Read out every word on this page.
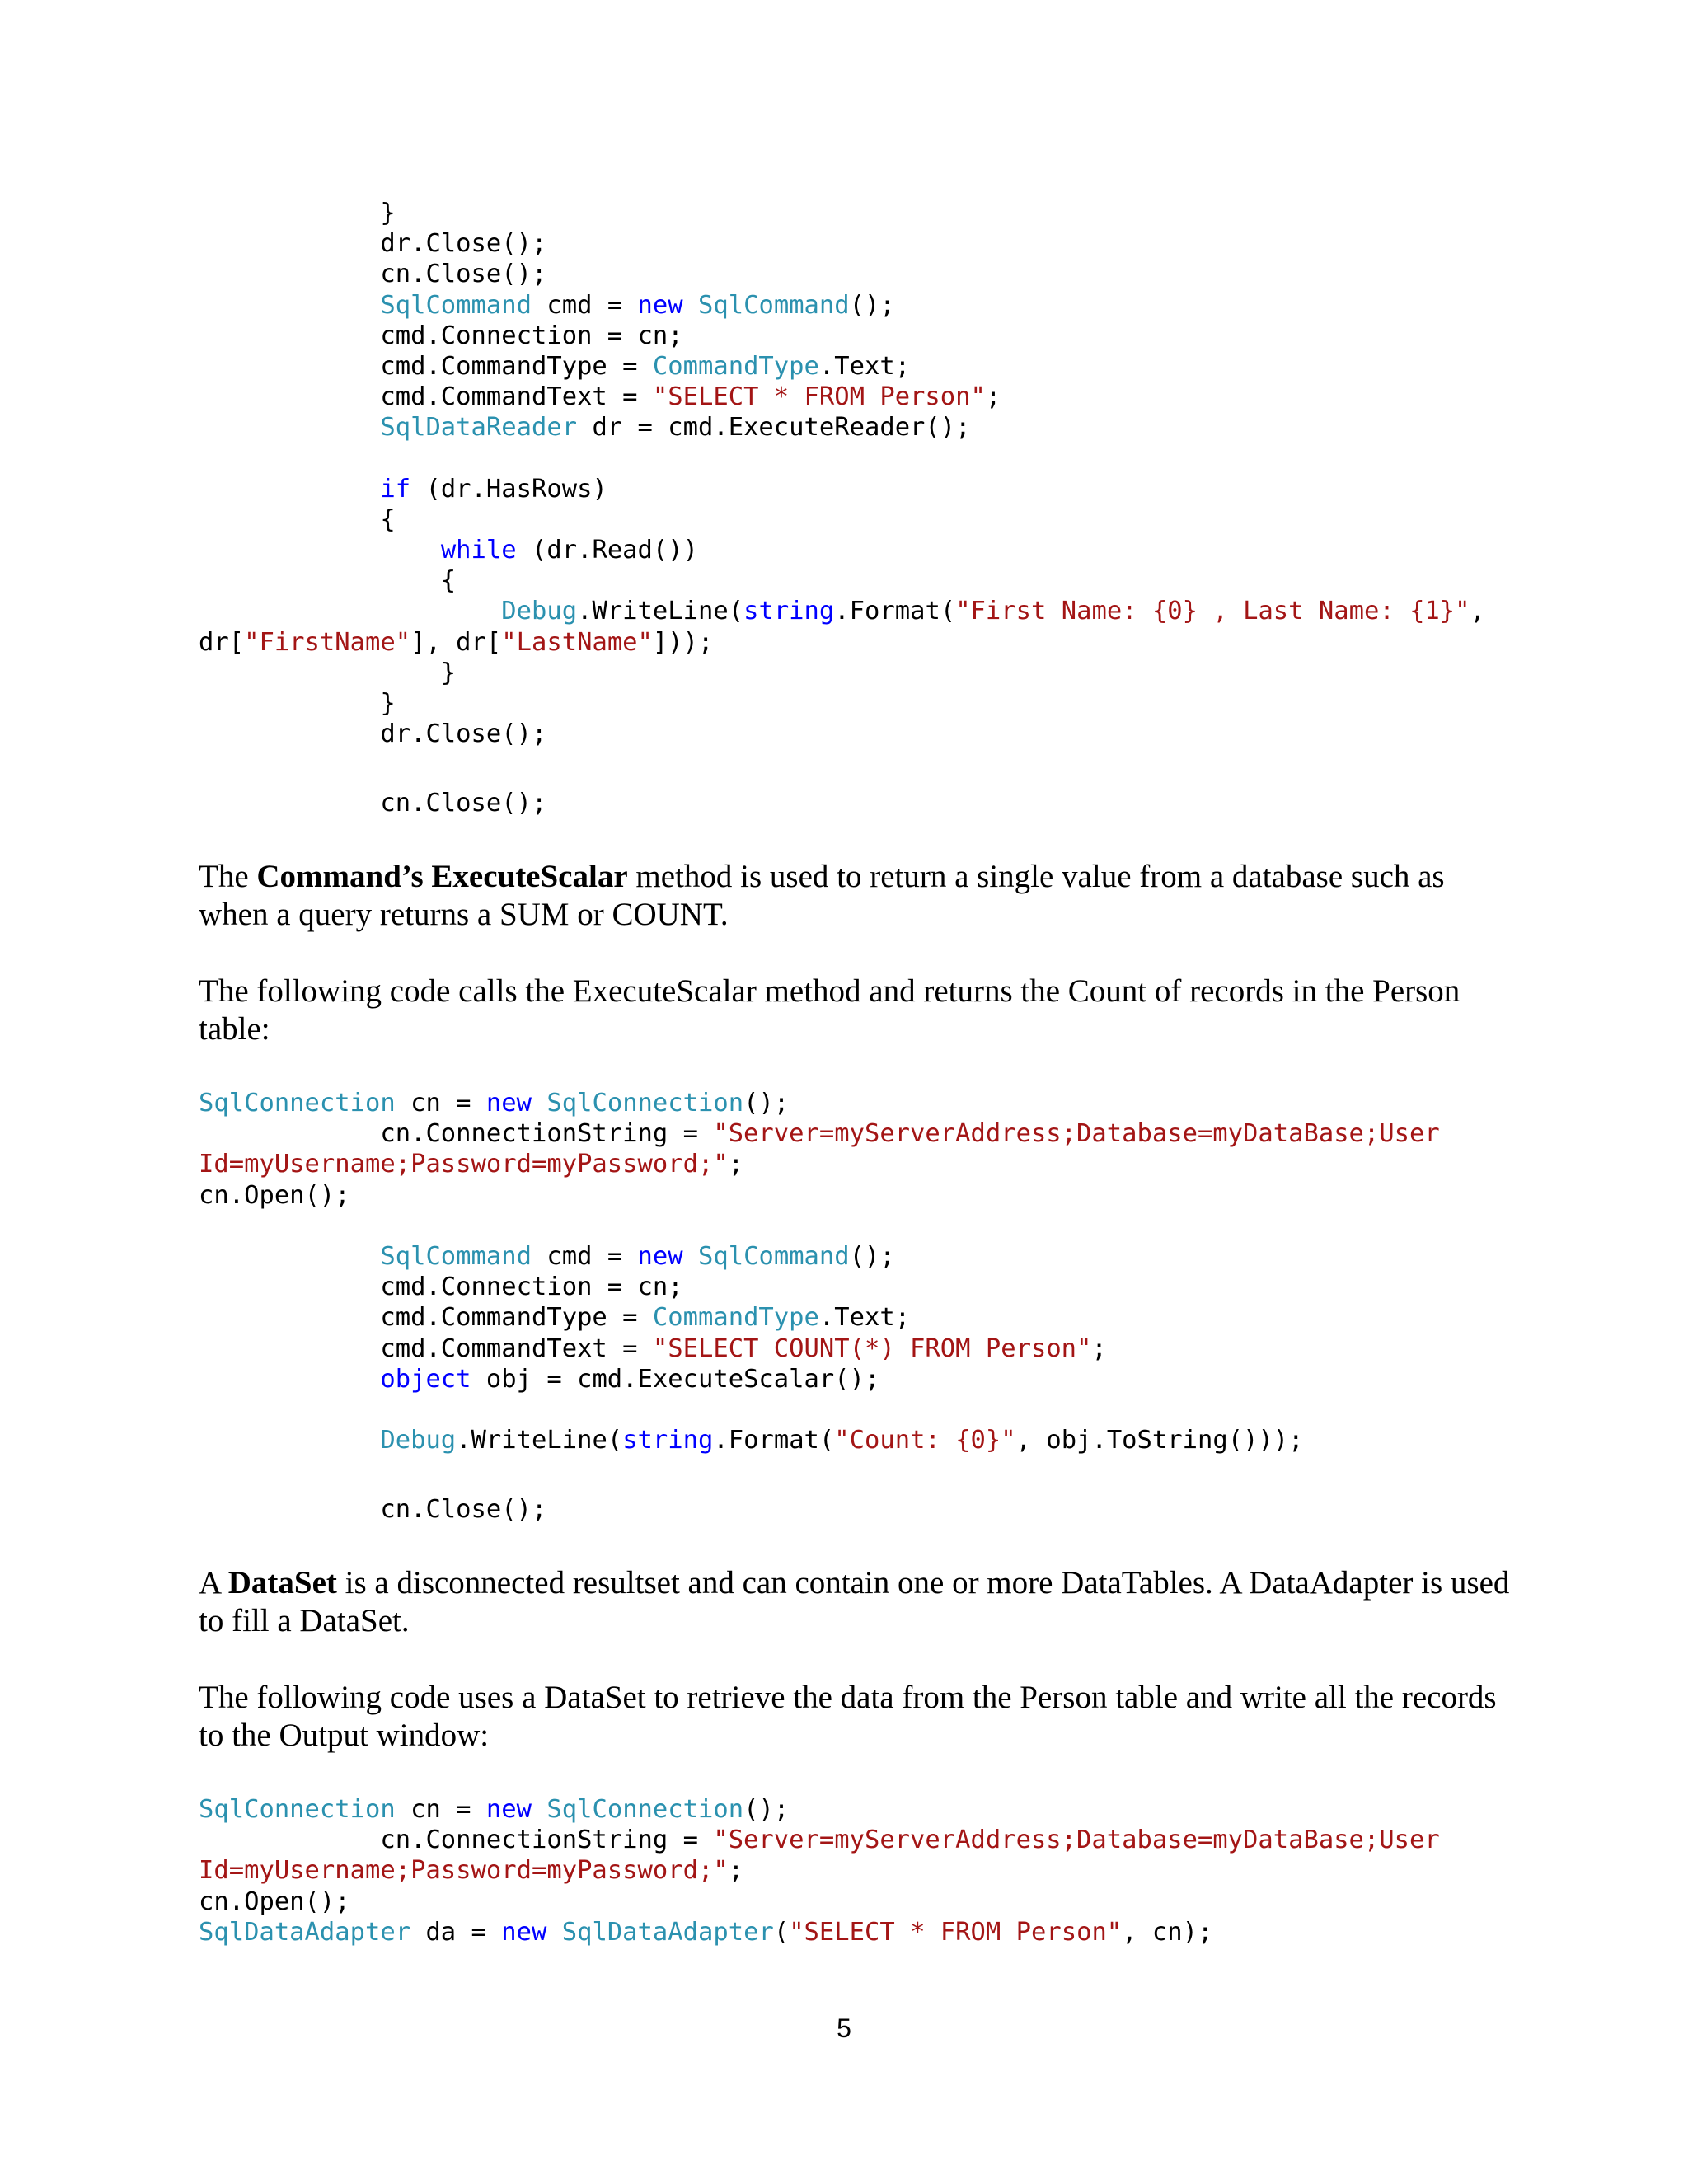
}
dr.Close();
cn.Close();
SqlCommand cmd = new SqlCommand();
cmd.Connection = cn;
cmd.CommandType = CommandType.Text;
cmd.CommandText = "SELECT * FROM Person";
SqlDataReader dr = cmd.ExecuteReader();
if (dr.HasRows)
{
while (dr.Read())
{
Debug.WriteLine(string.Format("First Name: {0} , Last Name: {1}",
dr["FirstName"], dr["LastName"]));
}
}
dr.Close();
cn.Close();

The Command’s ExecuteScalar method is used to return a single value from a database such as when a query returns a SUM or COUNT.

The following code calls the ExecuteScalar method and returns the Count of records in the Person table:

SqlConnection cn = new SqlConnection();
cn.ConnectionString = "Server=myServerAddress;Database=myDataBase;User
Id=myUsername;Password=myPassword;";
cn.Open();
SqlCommand cmd = new SqlCommand();
cmd.Connection = cn;
cmd.CommandType = CommandType.Text;
cmd.CommandText = "SELECT COUNT(*) FROM Person";
object obj = cmd.ExecuteScalar();
Debug.WriteLine(string.Format("Count: {0}", obj.ToString()));
cn.Close();

A DataSet is a disconnected resultset and can contain one or more DataTables. A DataAdapter is used to fill a DataSet.

The following code uses a DataSet to retrieve the data from the Person table and write all the records to the Output window:

SqlConnection cn = new SqlConnection();
cn.ConnectionString = "Server=myServerAddress;Database=myDataBase;User
Id=myUsername;Password=myPassword;";
cn.Open();
SqlDataAdapter da = new SqlDataAdapter("SELECT * FROM Person", cn);
5
